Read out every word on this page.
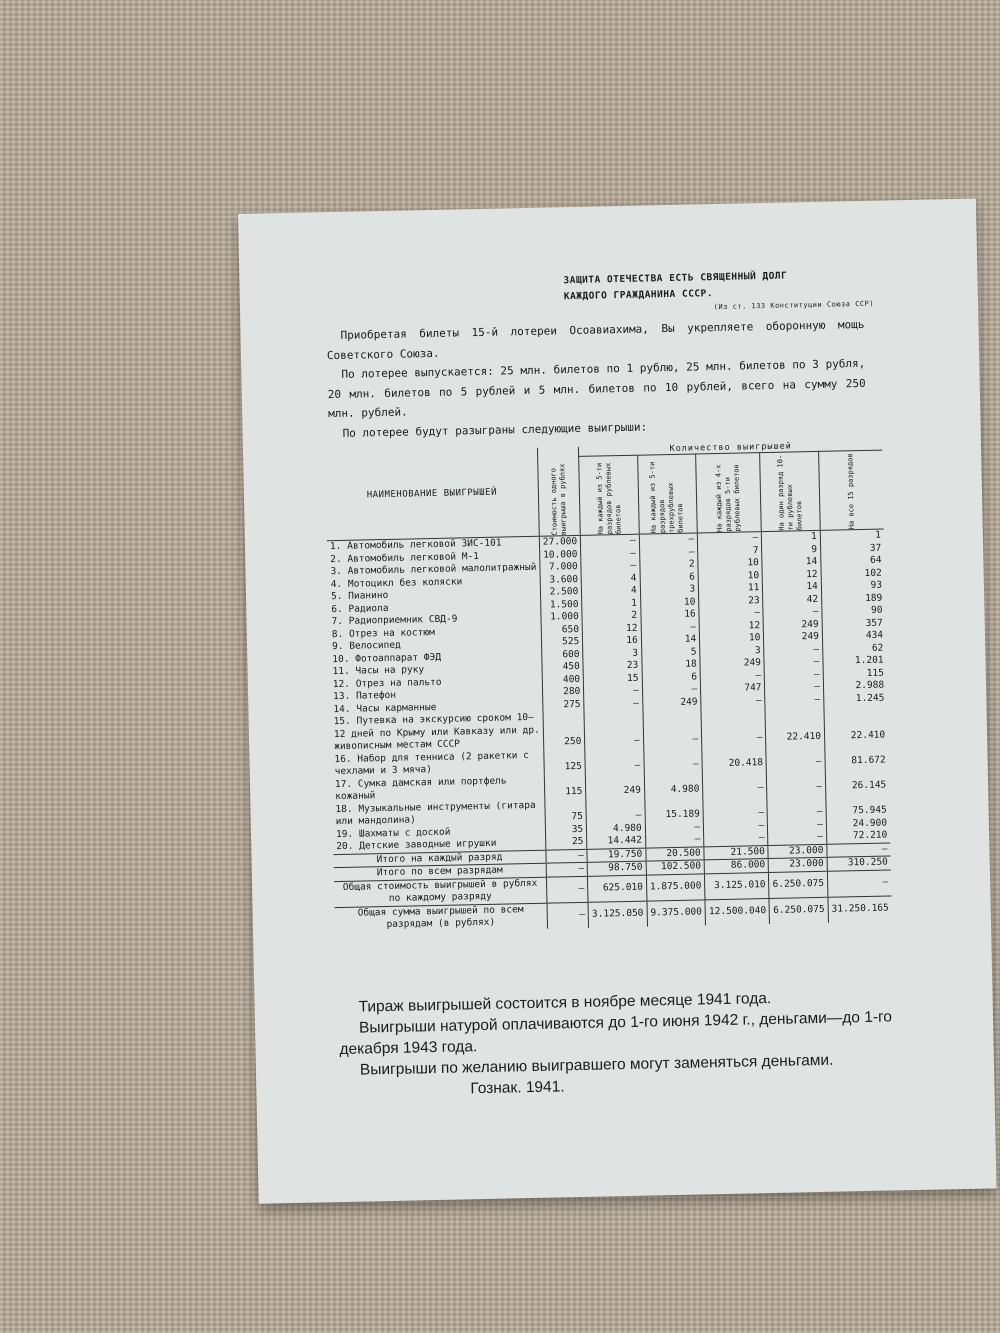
ЗАЩИТА ОТЕЧЕСТВА ЕСТЬ СВЯЩЕННЫЙ ДОЛГ
КАЖДОГО ГРАЖДАНИНА СССР.
(Из ст. 133 Конституции Союза ССР)

Приобретая билеты 15-й лотереи Осоавиахима, Вы укрепляете оборонную мощь Советского Союза.

По лотерее выпускается: 25 млн. билетов по 1 рублю, 25 млн. билетов по 3 рубля, 20 млн. билетов по 5 рублей и 5 млн. билетов по 10 рублей, всего на сумму 250 млн. рублей.

По лотерее будут разыграны следующие выигрыши:

НАИМЕНОВАНИЕ ВЫИГРЫШЕЙ	Стоимость одного выигрыша в рублях	Количество выигрышей				

		На каждый из 5-ти разрядов рублевых билетов	На каждый из 5-ти разрядов трехрублевых билетов	На каждый из 4-х разрядов 5-ти рублевых билетов	На один разряд 10-ти рублевых билетов	На все 15 разрядов

1. Автомобиль легковой ЗИС-101	27.000	—	—	—	1	1
2. Автомобиль легковой М-1	10.000	—	—	7	9	37
3. Автомобиль легковой малолитражный	7.000	—	2	10	14	64
4. Мотоцикл без коляски	3.600	4	6	10	12	102
5. Пианино	2.500	4	3	11	14	93
6. Радиола	1.500	1	10	23	42	189
7. Радиоприемник СВД-9	1.000	2	16	—	—	90
8. Отрез на костюм	650	12	—	12	249	357
9. Велосипед	525	16	14	10	249	434
10. Фотоаппарат ФЭД	600	3	5	3	—	62
11. Часы на руку	450	23	18	249	—	1.201
12. Отрез на пальто	400	15	6	—	—	115
13. Патефон	280	—	—	747	—	2.988
14. Часы карманные	275	—	249	—	—	1.245
15. Путевка на экскурсию сроком 10—12 дней по Крыму или Кавказу или др. живописным местам СССР	250	—	—	—	22.410	22.410
16. Набор для тенниса (2 ракетки с чехлами и 3 мяча)	125	—	—	20.418	—	81.672
17. Сумка дамская или портфель кожаный	115	249	4.980	—	—	26.145
18. Музыкальные инструменты (гитара или мандолина)	75	—	15.189	—	—	75.945
19. Шахматы с доской	35	4.980	—	—	—	24.900
20. Детские заводные игрушки	25	14.442	—	—	—	72.210
Итого на каждый разряд	—	19.750	20.500	21.500	23.000	—
Итого по всем разрядам	—	98.750	102.500	86.000	23.000	310.250
Общая стоимость выигрышей в рублях по каждому разряду	—	625.010	1.875.000	3.125.010	6.250.075	—
Общая сумма выигрышей по всем разрядам (в рублях)	—	3.125.050	9.375.000	12.500.040	6.250.075	31.250.165

Тираж выигрышей состоится в ноябре месяце 1941 года.

Выигрыши натурой оплачиваются до 1-го июня 1942 г., деньгами—до 1-го декабря 1943 года.

Выигрыши по желанию выигравшего могут заменяться деньгами.Гознак. 1941.
